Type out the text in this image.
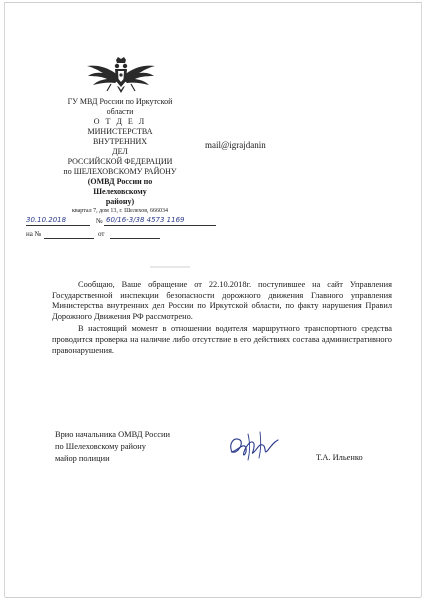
ГУ МВД России по Иркутской
области
О Т Д Е Л
МИНИСТЕРСТВА ВНУТРЕННИХ
ДЕЛ
РОССИЙСКОЙ ФЕДЕРАЦИИ
по ШЕЛЕХОВСКОМУ РАЙОНУ
(ОМВД России по Шелеховскому
району)
квартал 7, дом 13, г. Шелехов, 666034
mail@igrajdanin
30.10.2018	№ 60/16-3/38 4573 1169
на №	от

Сообщаю, Ваше обращение от 22.10.2018г. поступившее на сайт Управления Государственной инспекции безопасности дорожного движения Главного управления Министерства внутренних дел России по Иркутской области, по факту нарушения Правил Дорожного Движения РФ рассмотрено.

В настоящий момент в отношении водителя маршрутного транспортного средства проводится проверка на наличие либо отсутствие в его действиях состава административного правонарушения.

Врио начальника ОМВД России
по Шелеховскому району
майор полиции	Т.А. Ильенко
